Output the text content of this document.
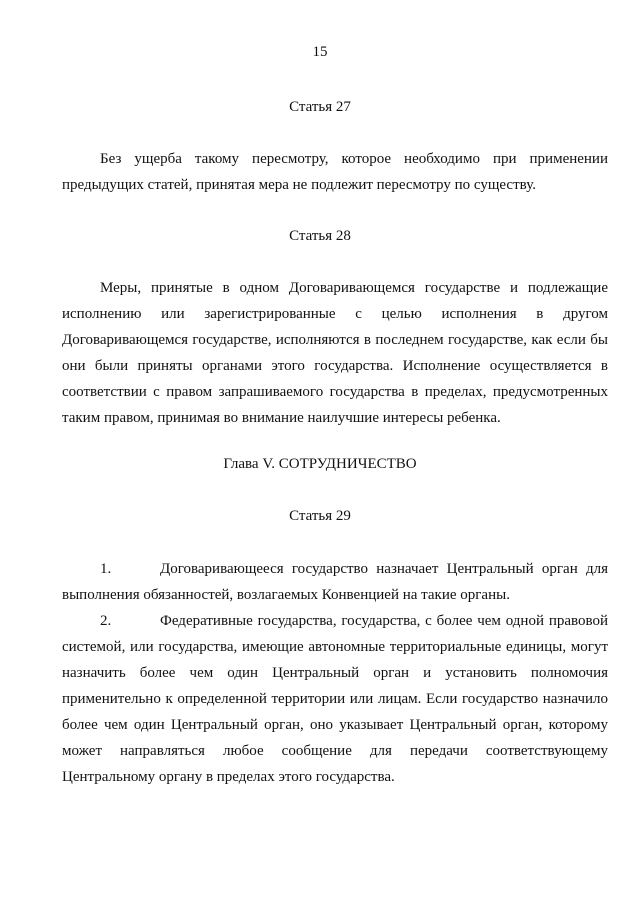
15
Статья 27

Без ущерба такому пересмотру, которое необходимо при применении предыдущих статей, принятая мера не подлежит пересмотру по существу.

Статья 28

Меры, принятые в одном Договаривающемся государстве и подлежащие исполнению или зарегистрированные с целью исполнения в другом Договаривающемся государстве, исполняются в последнем государстве, как если бы они были приняты органами этого государства. Исполнение осуществляется в соответствии с правом запрашиваемого государства в пределах, предусмотренных таким правом, принимая во внимание наилучшие интересы ребенка.

Глава V. СОТРУДНИЧЕСТВО
Статья 29

1.	Договаривающееся государство назначает Центральный орган для выполнения обязанностей, возлагаемых Конвенцией на такие органы.

2.	Федеративные государства, государства, с более чем одной правовой системой, или государства, имеющие автономные территориальные единицы, могут назначить более чем один Центральный орган и установить полномочия применительно к определенной территории или лицам. Если государство назначило более чем один Центральный орган, оно указывает Центральный орган, которому может направляться любое сообщение для передачи соответствующему Центральному органу в пределах этого государства.
